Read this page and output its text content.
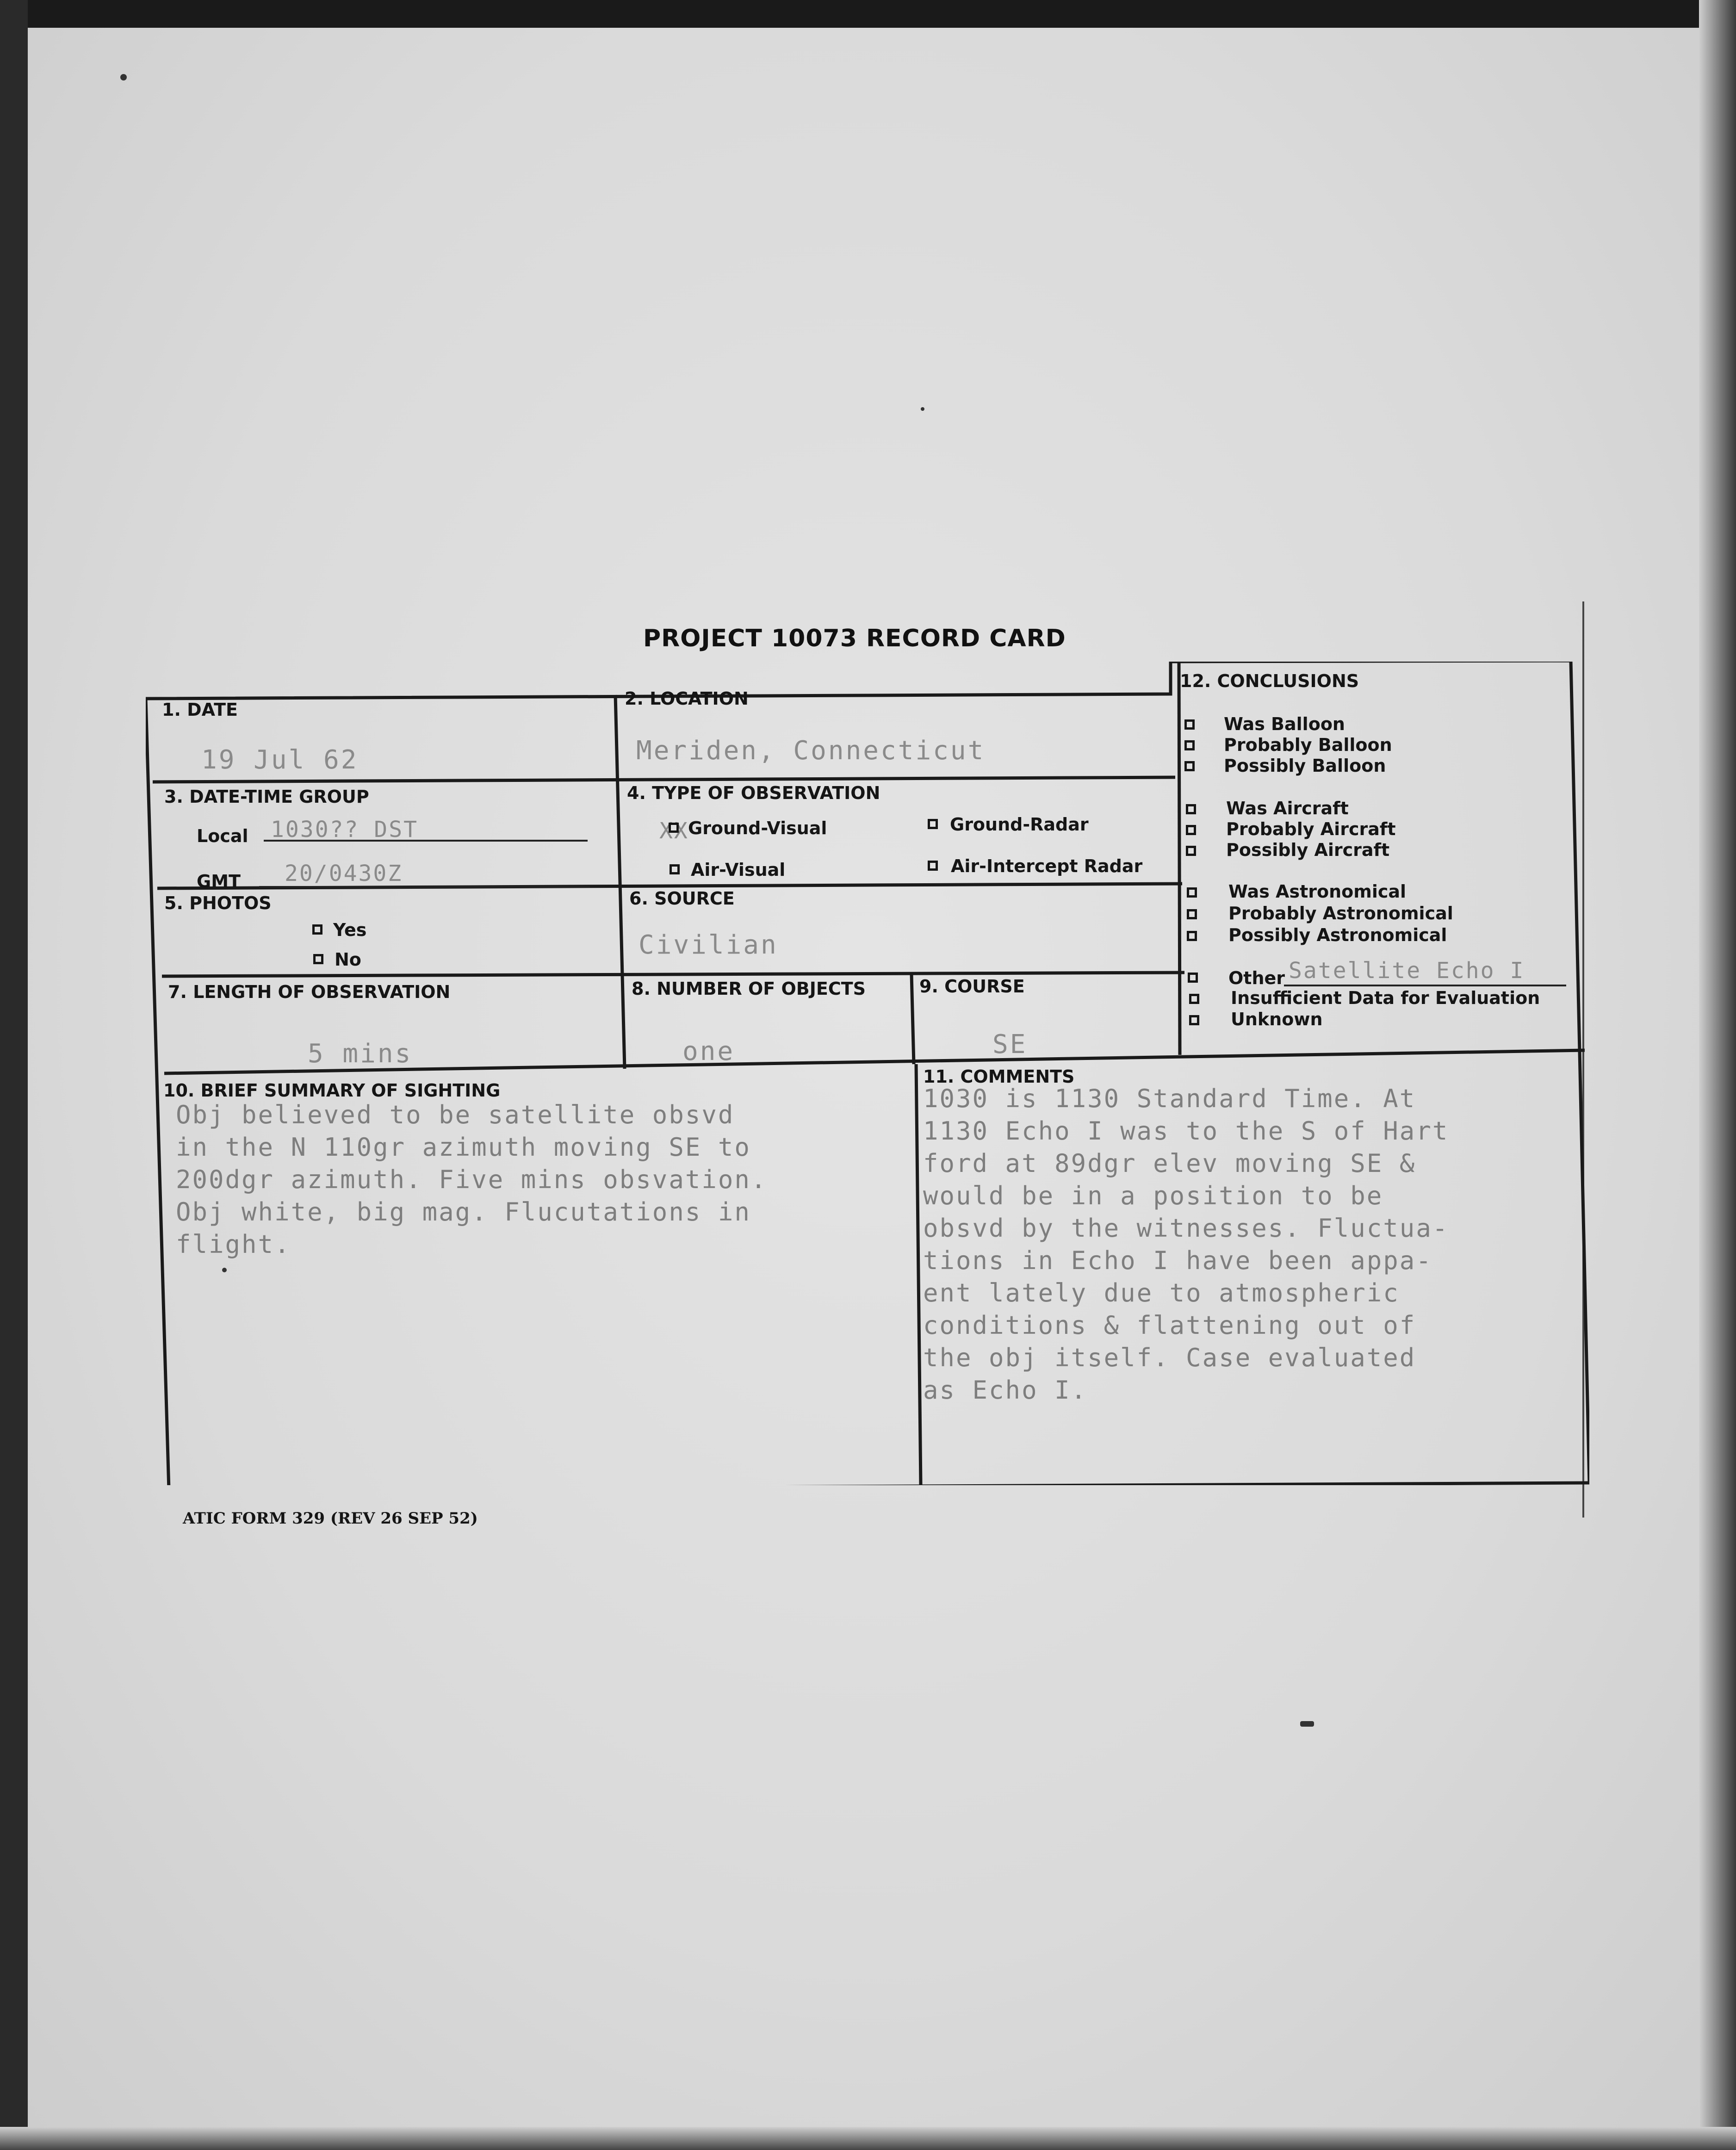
PROJECT 10073 RECORD CARD
1. DATE
19 Jul 62
2. LOCATION
Meriden, Connecticut
3. DATE-TIME GROUP
Local 1030?? DST
GMT 20/0430Z
4. TYPE OF OBSERVATION
XX
Ground-Visual	Ground-Radar
Air-Visual	Air-Intercept Radar
5. PHOTOS
Yes
No
6. SOURCE
Civilian
7. LENGTH OF OBSERVATION
5 mins
8. NUMBER OF OBJECTS
one
9. COURSE
SE
10. BRIEF SUMMARY OF SIGHTING
Obj believed to be satellite obsvd
in the N 110gr azimuth moving SE to
200dgr azimuth. Five mins obsvation.
Obj white, big mag. Flucutations in
flight.
11. COMMENTS
1030 is 1130 Standard Time. At
1130 Echo I was to the S of Hart
ford at 89dgr elev moving SE &
would be in a position to be
obsvd by the witnesses. Fluctua-
tions in Echo I have been appa-
ent lately due to atmospheric
conditions & flattening out of
the obj itself. Case evaluated
as Echo I.
12. CONCLUSIONS
Was Balloon
Probably Balloon
Possibly Balloon
Was Aircraft
Probably Aircraft
Possibly Aircraft
Was Astronomical
Probably Astronomical
Possibly Astronomical
Other Satellite Echo I
Insufficient Data for Evaluation
Unknown
ATIC FORM 329 (REV 26 SEP 52)
